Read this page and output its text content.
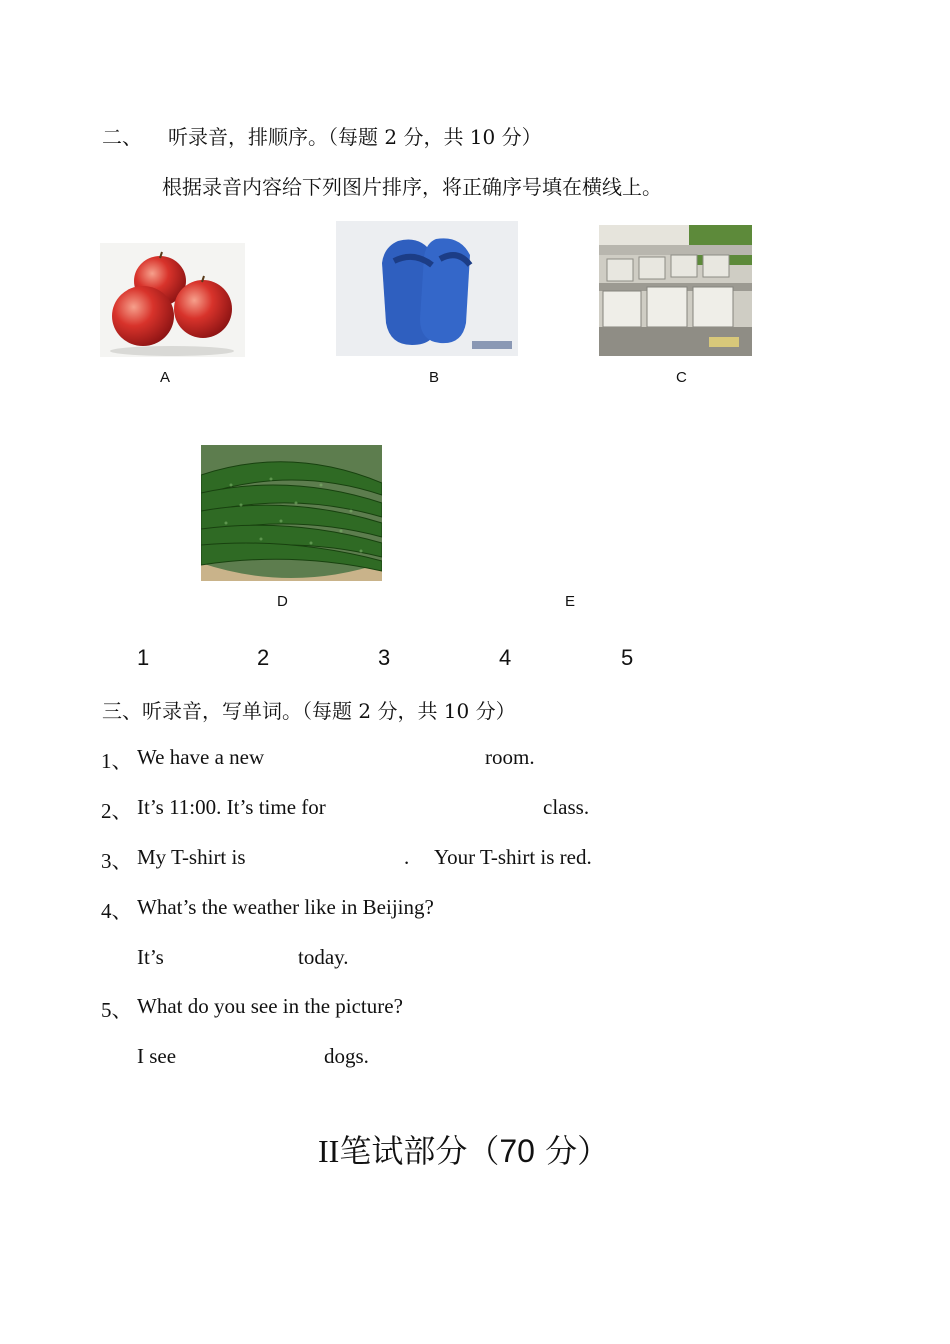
二、 听录音，排顺序。（每题 2 分，共 10 分）
根据录音内容给下列图片排序，将正确序号填在横线上。
A	B	C
D	E
1	2	3	4	5
三、听录音，写单词。（每题 2 分，共 10 分）
1、 We have a new	room.
2、 It’s 11:00. It’s time for	class.
3、 My T-shirt is	. Your T-shirt is red.
4、 What’s the weather like in Beijing?
It’s	today.
5、 What do you see in the picture?
I see	dogs.
II笔试部分（70 分）
